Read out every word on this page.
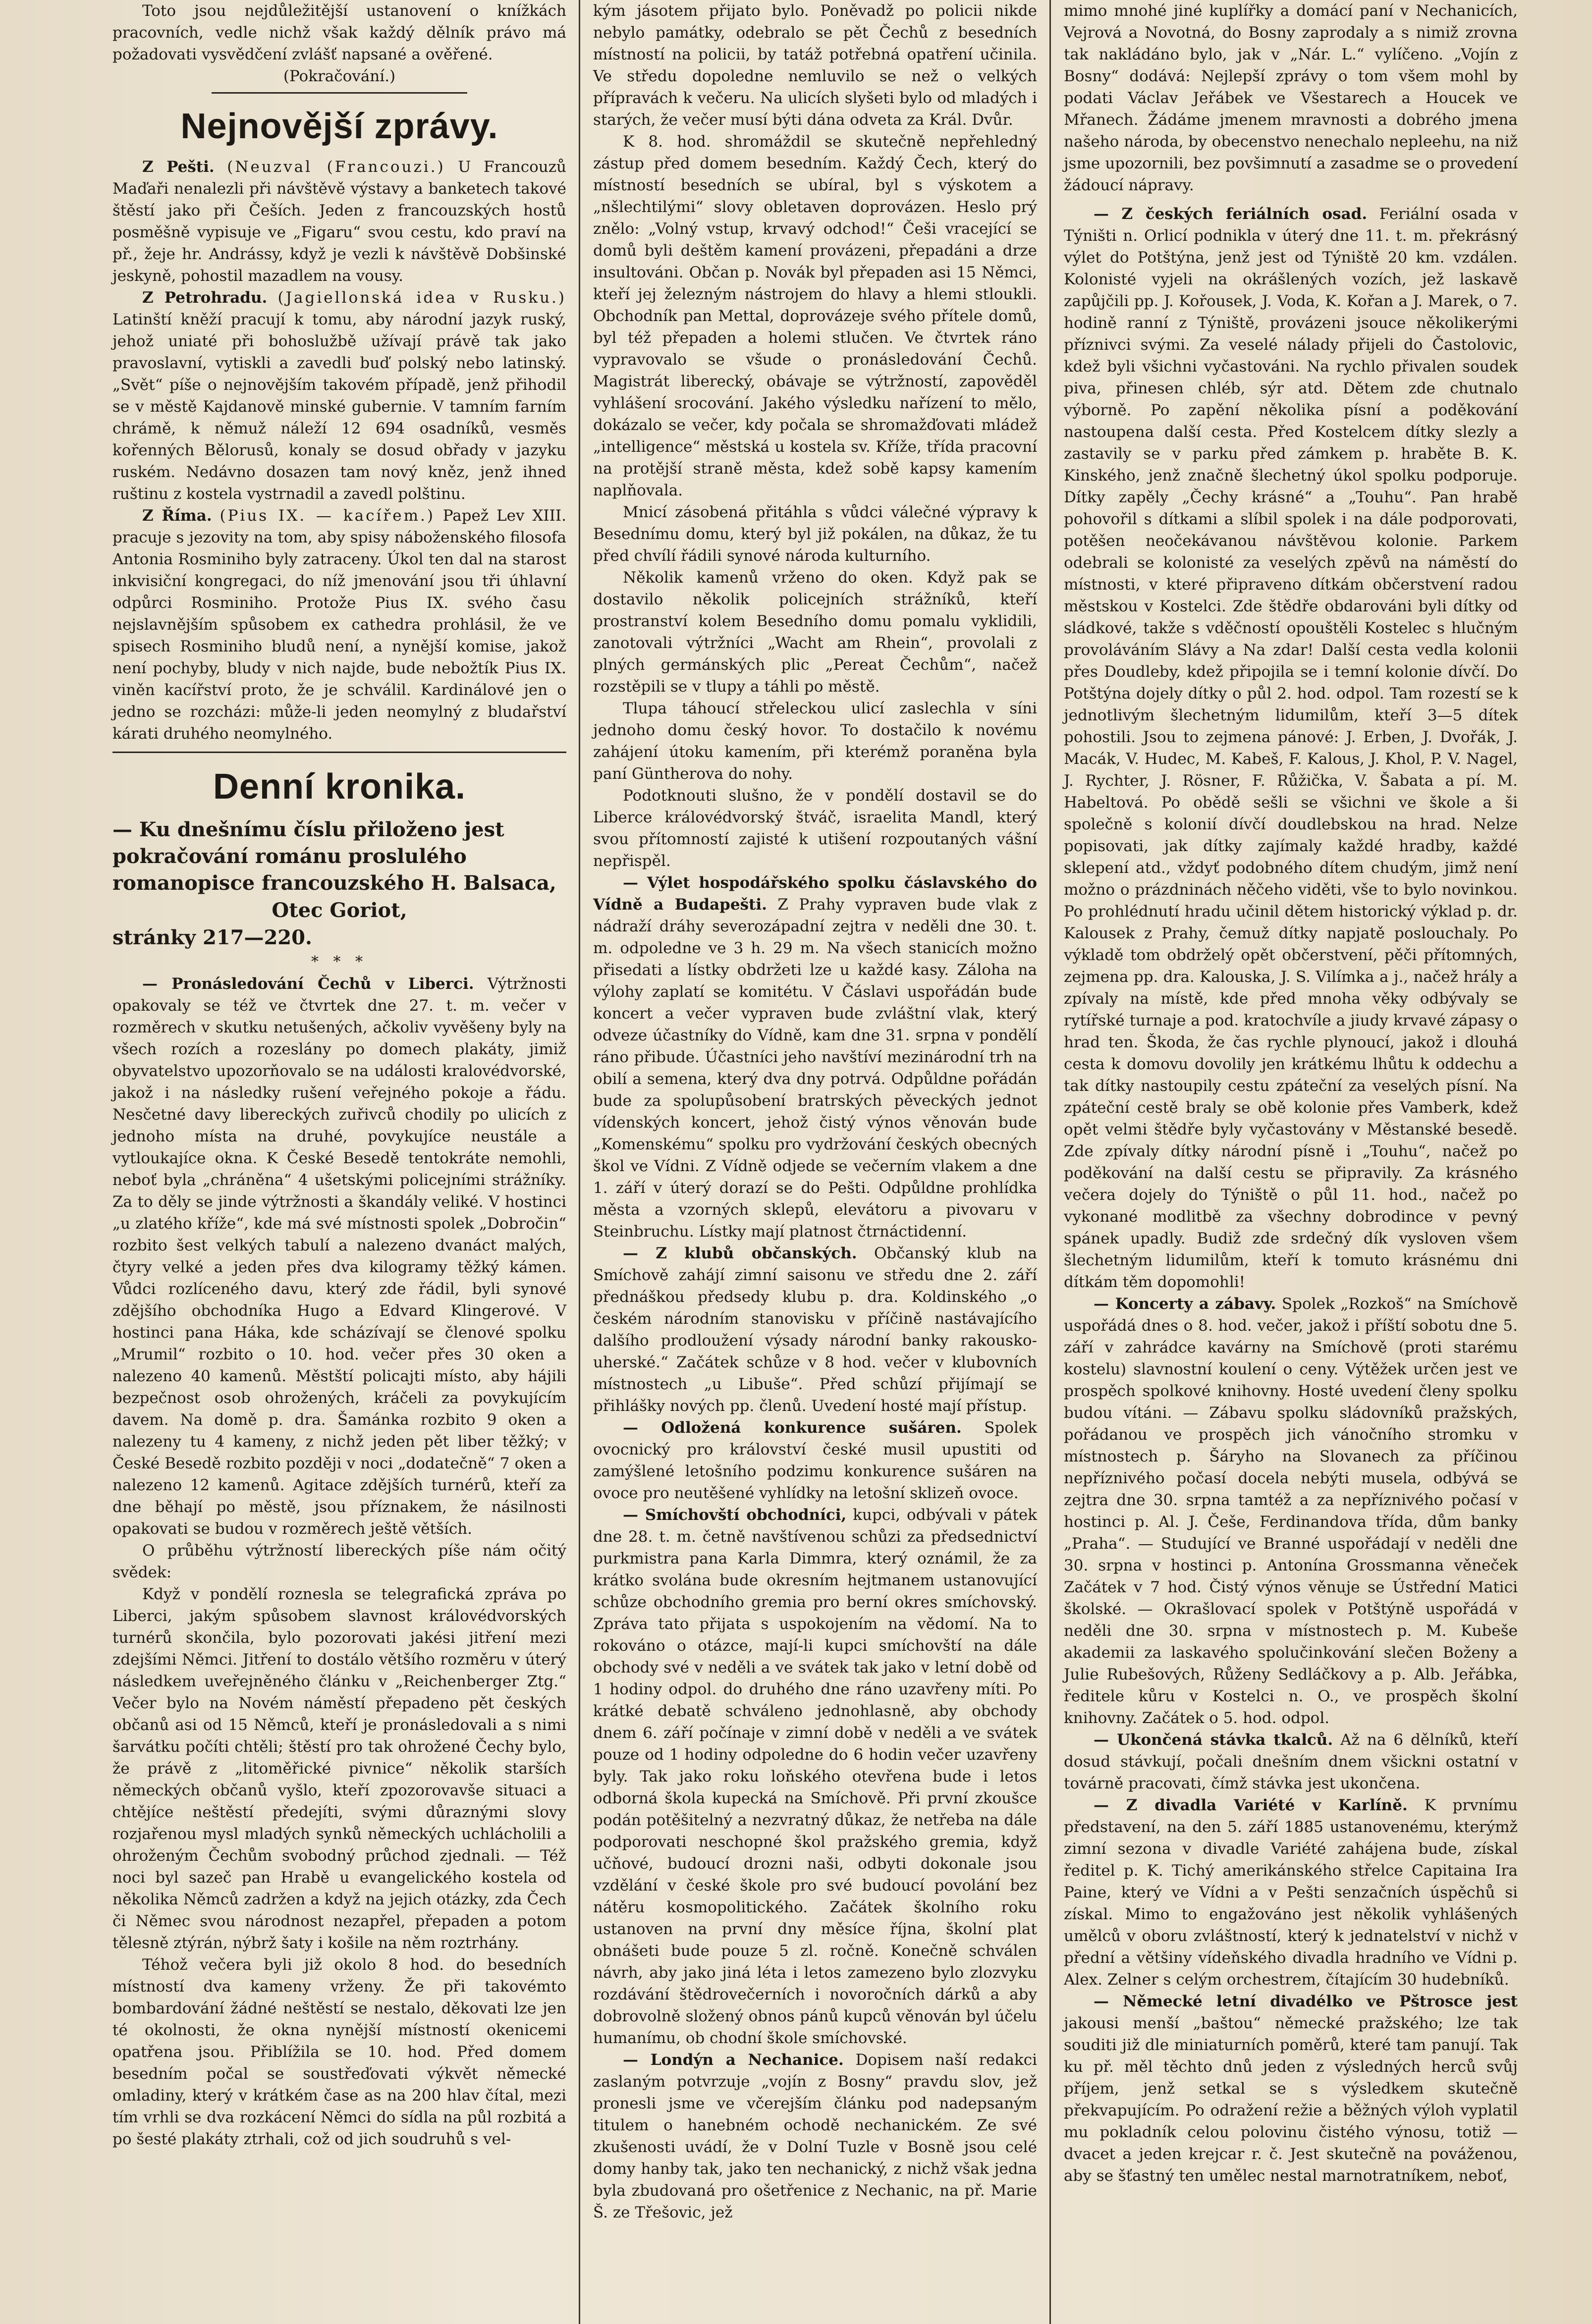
Toto jsou nejdůležitější ustanovení o knížkách pracovních, vedle nichž však každý dělník právo má požadovati vysvědčení zvlášť napsané a ověřené.

(Pokračování.)

Nejnovější zprávy.

Z Pešti. (Neuzval (Francouzi.) U Francouzů Maďaři nenalezli při návštěvě výstavy a banketech takové štěstí jako při Češích. Jeden z francouzských hostů posměšně vypisuje ve „Figaru“ svou cestu, kdo praví na př., žeje hr. Andrássy, když je vezli k návštěvě Dobšinské jeskyně, pohostil mazadlem na vousy.

Z Petrohradu. (Jagiellonská idea v Rusku.) Latinští kněží pracují k tomu, aby národní jazyk ruský, jehož uniaté při bohoslužbě užívají právě tak jako pravoslavní, vytiskli a zavedli buď polský nebo latinský. „Svět“ píše o nejnovějším takovém případě, jenž přihodil se v městě Kajdanově minské gubernie. V tamním farním chrámě, k němuž náleží 12 694 osadníků, vesměs kořenných Bělorusů, konaly se dosud obřady v jazyku ruském. Nedávno dosazen tam nový kněz, jenž ihned ruštinu z kostela vystrnadil a zavedl polštinu.

Z Říma. (Pius IX. — kacířem.) Papež Lev XIII. pracuje s jezovity na tom, aby spisy náboženského filosofa Antonia Rosminiho byly zatraceny. Úkol ten dal na starost inkvisiční kongregaci, do níž jmenování jsou tři úhlavní odpůrci Rosminiho. Protože Pius IX. svého času nejslavnějším spůsobem ex cathedra prohlásil, že ve spisech Rosminiho bludů není, a nynější komise, jakož není pochyby, bludy v nich najde, bude nebožtík Pius IX. viněn kacířství proto, že je schválil. Kardinálové jen o jedno se rozcházi: může-li jeden neomylný z bludařství kárati druhého neomylného.

Denní kronika.

— Ku dnešnímu číslu přiloženo jest pokračování románu proslulého romanopisce francouzského H. Balsaca,

Otec Goriot,

stránky 217—220.

* * *

— Pronásledování Čechů v Liberci. Výtržnosti opakovaly se též ve čtvrtek dne 27. t. m. večer v rozměrech v skutku netušených, ačkoliv vyvěšeny byly na všech rozích a rozeslány po domech plakáty, jimiž obyvatelstvo upozorňovalo se na události kralovédvorské, jakož i na následky rušení veřejného pokoje a řádu. Nesčetné davy libereckých zuřivců chodily po ulicích z jednoho místa na druhé, povykujíce neustále a vytloukajíce okna. K České Besedě tentokráte nemohli, neboť byla „chráněna“ 4 ušetskými policejními strážníky. Za to děly se jinde výtržnosti a škandály veliké. V hostinci „u zlatého kříže“, kde má své místnosti spolek „Dobročin“ rozbito šest velkých tabulí a nalezeno dvanáct malých, čtyry velké a jeden přes dva kilogramy těžký kámen. Vůdci rozlíceného davu, který zde řádil, byli synové zdějšího obchodníka Hugo a Edvard Klingerové. V hostinci pana Háka, kde scházívají se členové spolku „Mrumil“ rozbito o 10. hod. večer přes 30 oken a nalezeno 40 kamenů. Městští policajti místo, aby hájili bezpečnost osob ohrožených, kráčeli za povykujícím davem. Na domě p. dra. Šamánka rozbito 9 oken a nalezeny tu 4 kameny, z nichž jeden pět liber těžký; v České Besedě rozbito později v noci „dodatečně“ 7 oken a nalezeno 12 kamenů. Agitace zdějších turnérů, kteří za dne běhají po městě, jsou příznakem, že násilnosti opakovati se budou v rozměrech ještě větších.

O průběhu výtržností libereckých píše nám očitý svědek:

Když v pondělí roznesla se telegrafická zpráva po Liberci, jakým spůsobem slavnost královédvorských turnérů skončila, bylo pozorovati jakési jitření mezi zdejšími Němci. Jitření to dostálo většího rozměru v úterý následkem uveřejněného článku v „Reichenberger Ztg.“ Večer bylo na Novém náměstí přepadeno pět českých občanů asi od 15 Němců, kteří je pronásledovali a s nimi šarvátku počíti chtěli; štěstí pro tak ohrožené Čechy bylo, že právě z „litoměřické pivnice“ několik starších německých občanů vyšlo, kteří zpozorovavše situaci a chtějíce neštěstí předejíti, svými důraznými slovy rozjařenou mysl mladých synků německých uchlácholili a ohroženým Čechům svobodný průchod zjednali. — Též noci byl sazeč pan Hrabě u evangelického kostela od několika Němců zadržen a když na jejich otázky, zda Čech či Němec svou národnost nezapřel, přepaden a potom tělesně ztýrán, nýbrž šaty i košile na něm roztrhány.

Téhož večera byli již okolo 8 hod. do besedních místností dva kameny vrženy. Že při takovémto bombardování žádné neštěstí se nestalo, děkovati lze jen té okolnosti, že okna nynější místností okenicemi opatřena jsou. Přiblížila se 10. hod. Před domem besedním počal se soustřeďovati výkvět německé omladiny, který v krátkém čase as na 200 hlav čítal, mezi tím vrhli se dva rozkácení Němci do sídla na půl rozbitá a po šesté plakáty ztrhali, což od jich soudruhů s vel-

kým jásotem přijato bylo. Poněvadž po policii nikde nebylo památky, odebralo se pět Čechů z besedních místností na policii, by tatáž potřebná opatření učinila. Ve středu dopoledne nemluvilo se než o velkých přípravách k večeru. Na ulicích slyšeti bylo od mladých i starých, že večer musí býti dána odveta za Král. Dvůr.

K 8. hod. shromáždil se skutečně nepřehledný zástup před domem besedním. Každý Čech, který do místností besedních se ubíral, byl s výskotem a „nšlechtilými“ slovy obletaven doprovázen. Heslo prý znělo: „Volný vstup, krvavý odchod!“ Češi vracející se domů byli deštěm kamení provázeni, přepadáni a drze insultováni. Občan p. Novák byl přepaden asi 15 Němci, kteří jej železným nástrojem do hlavy a hlemi stloukli. Obchodník pan Mettal, doprovázeje svého přítele domů, byl též přepaden a holemi stlučen. Ve čtvrtek ráno vypravovalo se všude o pronásledování Čechů. Magistrát liberecký, obávaje se výtržností, zapověděl vyhlášení srocování. Jakého výsledku nařízení to mělo, dokázalo se večer, kdy počala se shromažďovati mládež „intelligence“ městská u kostela sv. Kříže, třída pracovní na protější straně města, kdež sobě kapsy kamením naplňovala.

Mnicí zásobená přitáhla s vůdci válečné výpravy k Besednímu domu, který byl již pokálen, na důkaz, že tu před chvílí řádili synové národa kulturního.

Několik kamenů vrženo do oken. Když pak se dostavilo několik policejních strážníků, kteří prostranství kolem Besedního domu pomalu vyklidili, zanotovali výtržníci „Wacht am Rhein“, provolali z plných germánských plic „Pereat Čechům“, načež rozstěpili se v tlupy a táhli po městě.

Tlupa táhoucí střeleckou ulicí zaslechla v síni jednoho domu český hovor. To dostačilo k novému zahájení útoku kamením, při kterémž poraněna byla paní Güntherova do nohy.

Podotknouti slušno, že v pondělí dostavil se do Liberce královédvorský štváč, israelita Mandl, který svou přítomností zajisté k utišení rozpoutaných vášní nepřispěl.

— Výlet hospodářského spolku čáslavského do Vídně a Budapešti. Z Prahy vypraven bude vlak z nádraží dráhy severozápadní zejtra v neděli dne 30. t. m. odpoledne ve 3 h. 29 m. Na všech stanicích možno přisedati a lístky obdržeti lze u každé kasy. Záloha na výlohy zaplatí se komitétu. V Čáslavi uspořádán bude koncert a večer vypraven bude zvláštní vlak, který odveze účastníky do Vídně, kam dne 31. srpna v pondělí ráno přibude. Účastníci jeho navštíví mezinárodní trh na obilí a semena, který dva dny potrvá. Odpůldne pořádán bude za spolupůsobení bratrských pěveckých jednot vídenských koncert, jehož čistý výnos věnován bude „Komenskému“ spolku pro vydržování českých obecných škol ve Vídni. Z Vídně odjede se večerním vlakem a dne 1. září v úterý dorazí se do Pešti. Odpůldne prohlídka města a vzorných sklepů, elevátoru a pivovaru v Steinbruchu. Lístky mají platnost čtrnáctidenní.

— Z klubů občanských. Občanský klub na Smíchově zahájí zimní saisonu ve středu dne 2. září přednáškou předsedy klubu p. dra. Koldinského „o českém národním stanovisku v příčině nastávajícího dalšího prodloužení výsady národní banky rakousko-uherské.“ Začátek schůze v 8 hod. večer v klubovních místnostech „u Libuše“. Před schůzí přijímají se přihlášky nových pp. členů. Uvedení hosté mají přístup.

— Odložená konkurence sušáren. Spolek ovocnický pro království české musil upustiti od zamýšlené letošního podzimu konkurence sušáren na ovoce pro neutěšené vyhlídky na letošní sklizeň ovoce.

— Smíchovští obchodníci, kupci, odbývali v pátek dne 28. t. m. četně navštívenou schůzi za předsednictví purkmistra pana Karla Dimmra, který oznámil, že za krátko svolána bude okresním hejtmanem ustanovující schůze obchodního gremia pro berní okres smíchovský. Zpráva tato přijata s uspokojením na vědomí. Na to rokováno o otázce, mají-li kupci smíchovští na dále obchody své v neděli a ve svátek tak jako v letní době od 1 hodiny odpol. do druhého dne ráno uzavřeny míti. Po krátké debatě schváleno jednohlasně, aby obchody dnem 6. září počínaje v zimní době v neděli a ve svátek pouze od 1 hodiny odpoledne do 6 hodin večer uzavřeny byly. Tak jako roku loňského otevřena bude i letos odborná škola kupecká na Smíchově. Při první zkoušce podán potěšitelný a nezvratný důkaz, že netřeba na dále podporovati neschopné škol pražského gremia, když učňové, budoucí drozni naši, odbyti dokonale jsou vzdělání v české škole pro své budoucí povolání bez nátěru kosmopolitického. Začátek školního roku ustanoven na první dny měsíce října, školní plat obnášeti bude pouze 5 zl. ročně. Konečně schválen návrh, aby jako jiná léta i letos zamezeno bylo zlozvyku rozdávání štědrovečerních i novoročních dárků a aby dobrovolně složený obnos pánů kupců věnován byl účelu humanímu, ob chodní škole smíchovské.

— Londýn a Nechanice. Dopisem naší redakci zaslaným potvrzuje „vojín z Bosny“ pravdu slov, jež pronesli jsme ve včerejším článku pod nadepsaným titulem o hanebném ochodě nechanickém. Ze své zkušenosti uvádí, že v Dolní Tuzle v Bosně jsou celé domy hanby tak, jako ten nechanický, z nichž však jedna byla zbudovaná pro ošetřenice z Nechanic, na př. Marie Š. ze Třešovic, jež

mimo mnohé jiné kuplířky a domácí paní v Nechanicích, Vejrová a Novotná, do Bosny zaprodaly a s nimiž zrovna tak nakládáno bylo, jak v „Nár. L.“ vylíčeno. „Vojín z Bosny“ dodává: Nejlepší zprávy o tom všem mohl by podati Václav Jeřábek ve Všestarech a Houcek ve Mřanech. Žádáme jmenem mravnosti a dobrého jmena našeho národa, by obecenstvo nenechalo nepleehu, na niž jsme upozornili, bez povšimnutí a zasadme se o provedení žádoucí nápravy.

— Z českých feriálních osad. Feriální osada v Týništi n. Orlicí podnikla v úterý dne 11. t. m. překrásný výlet do Potštýna, jenž jest od Týniště 20 km. vzdálen. Kolonisté vyjeli na okrášlených vozích, jež laskavě zapůjčili pp. J. Kořousek, J. Voda, K. Kořan a J. Marek, o 7. hodině ranní z Týniště, provázeni jsouce několikerými příznivci svými. Za veselé nálady přijeli do Častolovic, kdež byli všichni vyčastováni. Na rychlo přivalen soudek piva, přinesen chléb, sýr atd. Dětem zde chutnalo výborně. Po zapění několika písní a poděkování nastoupena další cesta. Před Kostelcem dítky slezly a zastavily se v parku před zámkem p. hraběte B. K. Kinského, jenž značně šlechetný úkol spolku podporuje. Dítky zapěly „Čechy krásné“ a „Touhu“. Pan hrabě pohovořil s dítkami a slíbil spolek i na dále podporovati, potěšen neočekávanou návštěvou kolonie. Parkem odebrali se kolonisté za veselých zpěvů na náměstí do místnosti, v které připraveno dítkám občerstvení radou městskou v Kostelci. Zde štědře obdarováni byli dítky od sládkové, takže s vděčností opouštěli Kostelec s hlučným provoláváním Slávy a Na zdar! Další cesta vedla kolonii přes Doudleby, kdež připojila se i temní kolonie dívčí. Do Potštýna dojely dítky o půl 2. hod. odpol. Tam rozestí se k jednotlivým šlechetným lidumilům, kteří 3—5 dítek pohostili. Jsou to zejmena pánové: J. Erben, J. Dvořák, J. Macák, V. Hudec, M. Kabeš, F. Kalous, J. Khol, P. V. Nagel, J. Rychter, J. Rösner, F. Růžička, V. Šabata a pí. M. Habeltová. Po obědě sešli se všichni ve škole a ši společně s kolonií dívčí doudlebskou na hrad. Nelze popisovati, jak dítky zajímaly každé hradby, každé sklepení atd., vždyť podobného dítem chudým, jimž není možno o prázdninách něčeho viděti, vše to bylo novinkou. Po prohlédnutí hradu učinil dětem historický výklad p. dr. Kalousek z Prahy, čemuž dítky napjatě poslouchaly. Po výkladě tom obdrželý opět občerstvení, pěči přítomných, zejmena pp. dra. Kalouska, J. S. Vilímka a j., načež hrály a zpívaly na místě, kde před mnoha věky odbývaly se rytířské turnaje a pod. kratochvíle a jiudy krvavé zápasy o hrad ten. Škoda, že čas rychle plynoucí, jakož i dlouhá cesta k domovu dovolily jen krátkému lhůtu k oddechu a tak dítky nastoupily cestu zpáteční za veselých písní. Na zpáteční cestě braly se obě kolonie přes Vamberk, kdež opět velmi štědře byly vyčastovány v Městanské besedě. Zde zpívaly dítky národní písně i „Touhu“, načež po poděkování na další cestu se připravily. Za krásného večera dojely do Týniště o půl 11. hod., načež po vykonané modlitbě za všechny dobrodince v pevný spánek upadly. Budiž zde srdečný dík vysloven všem šlechetným lidumilům, kteří k tomuto krásnému dni dítkám těm dopomohli!

— Koncerty a zábavy. Spolek „Rozkoš“ na Smíchově uspořádá dnes o 8. hod. večer, jakož i příští sobotu dne 5. září v zahrádce kavárny na Smíchově (proti starému kostelu) slavnostní koulení o ceny. Výtěžek určen jest ve prospěch spolkové knihovny. Hosté uvedení členy spolku budou vítáni. — Zábavu spolku sládovníků pražských, pořádanou ve prospěch jich vánočního stromku v místnostech p. Šáryho na Slovanech za příčinou nepříznivého počasí docela nebýti musela, odbývá se zejtra dne 30. srpna tamtéž a za nepříznivého počasí v hostinci p. Al. J. Češe, Ferdinandova třída, dům banky „Praha“. — Studující ve Branné uspořádají v neděli dne 30. srpna v hostinci p. Antonína Grossmanna věneček Začátek v 7 hod. Čistý výnos věnuje se Ústřední Matici školské. — Okrašlovací spolek v Potštýně uspořádá v neděli dne 30. srpna v místnostech p. M. Kubeše akademii za laskavého spolučinkování slečen Boženy a Julie Rubešových, Růženy Sedláčkovy a p. Alb. Jeřábka, ředitele kůru v Kostelci n. O., ve prospěch školní knihovny. Začátek o 5. hod. odpol.

— Ukončená stávka tkalců. Až na 6 dělníků, kteří dosud stávkují, počali dnešním dnem všickni ostatní v továrně pracovati, čímž stávka jest ukončena.

— Z divadla Variété v Karlíně. K prvnímu představení, na den 5. září 1885 ustanovenému, kterýmž zimní sezona v divadle Variété zahájena bude, získal ředitel p. K. Tichý amerikánského střelce Capitaina Ira Paine, který ve Vídni a v Pešti senzačních úspěchů si získal. Mimo to engažováno jest několik vyhlášených umělců v oboru zvláštností, který k jednatelství v nichž v přední a většiny vídeňského divadla hradního ve Vídni p. Alex. Zelner s celým orchestrem, čítajícím 30 hudebníků.

— Německé letní divadélko ve Pštrosce jest jakousi menší „baštou“ německé pražského; lze tak souditi již dle miniaturních poměrů, které tam panují. Tak ku př. měl těchto dnů jeden z výsledných herců svůj příjem, jenž setkal se s výsledkem skutečně překvapujícím. Po odražení režie a běžných výloh vyplatil mu pokladník celou polovinu čistého výnosu, totiž — dvacet a jeden krejcar r. č. Jest skutečně na pováženou, aby se šťastný ten umělec nestal marnotratníkem, neboť,
